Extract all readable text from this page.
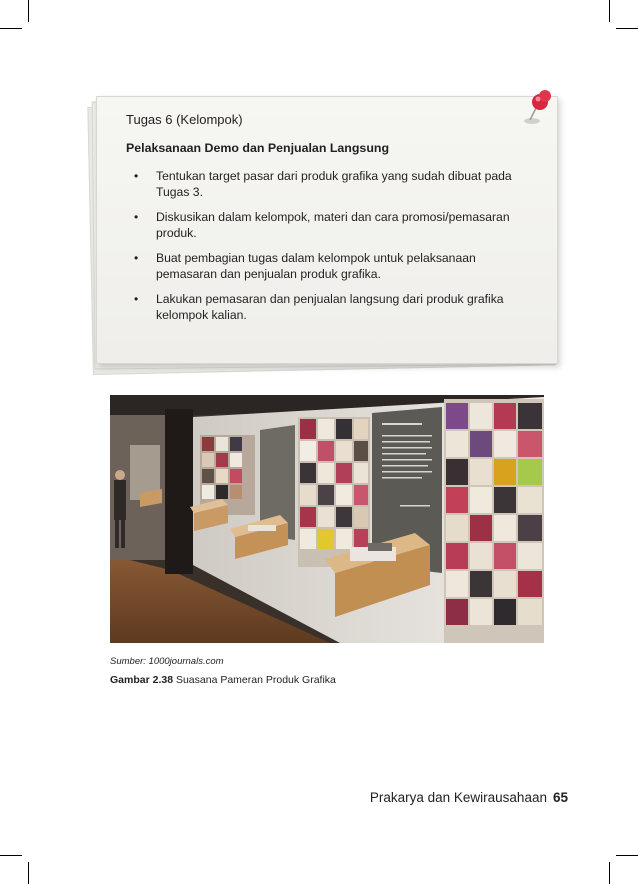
Tugas 6 (Kelompok)
Pelaksanaan Demo dan Penjualan Langsung
• Tentukan target pasar dari produk grafika yang sudah dibuat pada Tugas 3.
• Diskusikan dalam kelompok, materi dan cara promosi/pemasaran produk.
• Buat pembagian tugas dalam kelompok untuk pelaksanaan pemasaran dan penjualan produk grafika.
• Lakukan pemasaran dan penjualan langsung dari produk grafika kelompok kalian.
Sumber: 1000journals.com
Gambar 2.38 Suasana Pameran Produk Grafika
Prakarya dan Kewirausahaan 65
